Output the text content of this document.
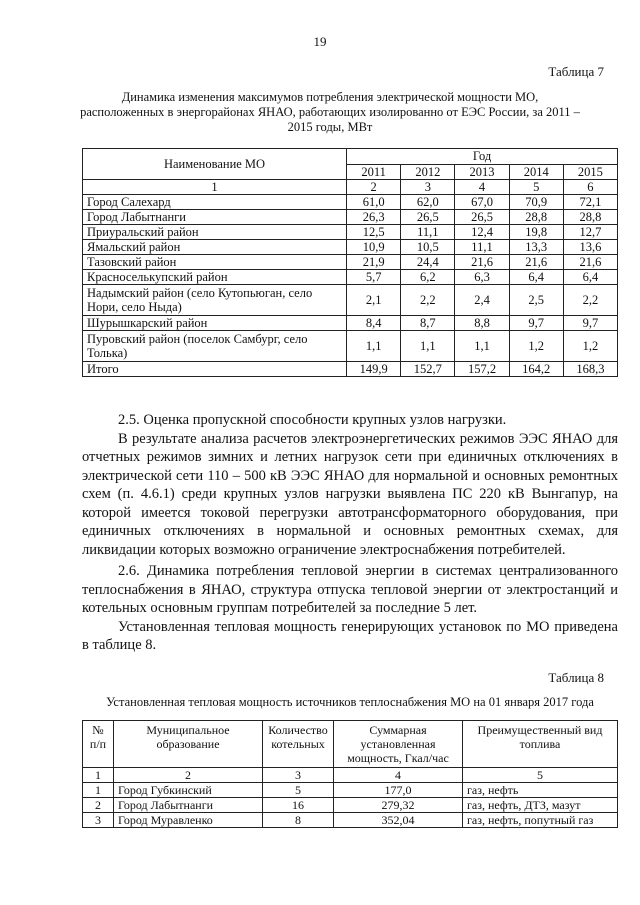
19
Таблица 7
Динамика изменения максимумов потребления электрической мощности МО, расположенных в энергорайонах ЯНАО, работающих изолированно от ЕЭС России, за 2011 – 2015 годы, МВт
Наименование МО	Год				
	2011	2012	2013	2014	2015
1	2	3	4	5	6
Город Салехард	61,0	62,0	67,0	70,9	72,1
Город Лабытнанги	26,3	26,5	26,5	28,8	28,8
Приуральский район	12,5	11,1	12,4	19,8	12,7
Ямальский район	10,9	10,5	11,1	13,3	13,6
Тазовский район	21,9	24,4	21,6	21,6	21,6
Красноселькупский район	5,7	6,2	6,3	6,4	6,4
Надымский район (село Кутопьюган, село Нори, село Ныда)	2,1	2,2	2,4	2,5	2,2
Шурышкарский район	8,4	8,7	8,8	9,7	9,7
Пуровский район (поселок Самбург, село Толька)	1,1	1,1	1,1	1,2	1,2
Итого	149,9	152,7	157,2	164,2	168,3

2.5. Оценка пропускной способности крупных узлов нагрузки.

В результате анализа расчетов электроэнергетических режимов ЭЭС ЯНАО для отчетных режимов зимних и летних нагрузок сети при единичных отключениях в электрической сети 110 – 500 кВ ЭЭС ЯНАО для нормальной и основных ремонтных схем (п. 4.6.1) среди крупных узлов нагрузки выявлена ПС 220 кВ Вынгапур, на которой имеется токовой перегрузки автотрансформаторного оборудования, при единичных отключениях в нормальной и основных ремонтных схемах, для ликвидации которых возможно ограничение электроснабжения потребителей.

2.6. Динамика потребления тепловой энергии в системах централизованного теплоснабжения в ЯНАО, структура отпуска тепловой энергии от электростанций и котельных основным группам потребителей за последние 5 лет.

Установленная тепловая мощность генерирующих установок по МО приведена в таблице 8.

Таблица 8
Установленная тепловая мощность источников теплоснабжения МО на 01 января 2017 года
№ п/п	Муниципальное образование	Количество котельных	Суммарная установленная мощность, Гкал/час	Преимущественный вид топлива
1	2	3	4	5
1	Город Губкинский	5	177,0	газ, нефть
2	Город Лабытнанги	16	279,32	газ, нефть, ДТЗ, мазут
3	Город Муравленко	8	352,04	газ, нефть, попутный газ
